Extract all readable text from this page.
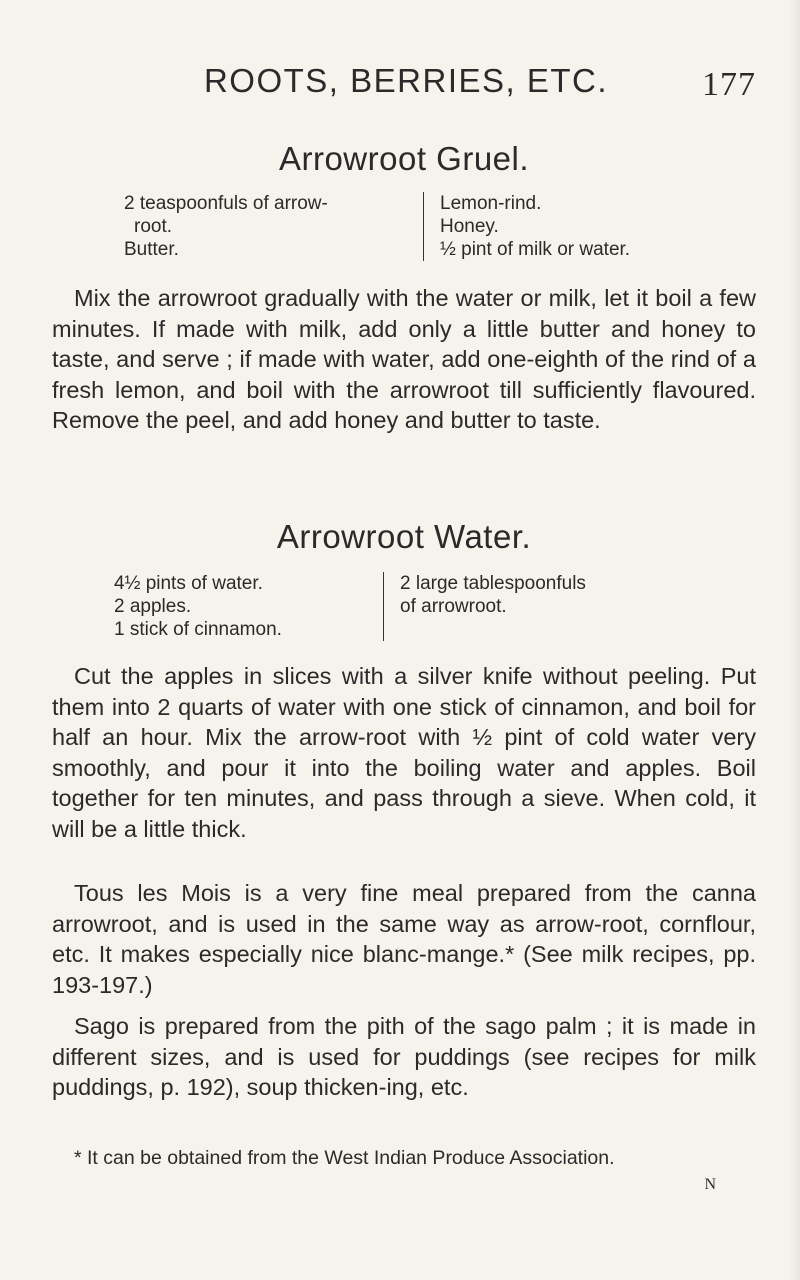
ROOTS, BERRIES, ETC.	177
Arrowroot Gruel.
2 teaspoonfuls of arrow-
root.
Butter.
Lemon-rind.
Honey.
½ pint of milk or water.

Mix the arrowroot gradually with the water or milk, let it boil a few minutes. If made with milk, add only a little butter and honey to taste, and serve ; if made with water, add one-eighth of the rind of a fresh lemon, and boil with the arrowroot till sufficiently flavoured. Remove the peel, and add honey and butter to taste.

Arrowroot Water.
4½ pints of water.
2 apples.
1 stick of cinnamon.
2 large tablespoonfuls
of arrowroot.

Cut the apples in slices with a silver knife without peeling. Put them into 2 quarts of water with one stick of cinnamon, and boil for half an hour. Mix the arrow-root with ½ pint of cold water very smoothly, and pour it into the boiling water and apples. Boil together for ten minutes, and pass through a sieve. When cold, it will be a little thick.

Tous les Mois is a very fine meal prepared from the canna arrowroot, and is used in the same way as arrow-root, cornflour, etc. It makes especially nice blanc-mange.* (See milk recipes, pp. 193-197.)

Sago is prepared from the pith of the sago palm ; it is made in different sizes, and is used for puddings (see recipes for milk puddings, p. 192), soup thicken-ing, etc.

* It can be obtained from the West Indian Produce Association.

N
